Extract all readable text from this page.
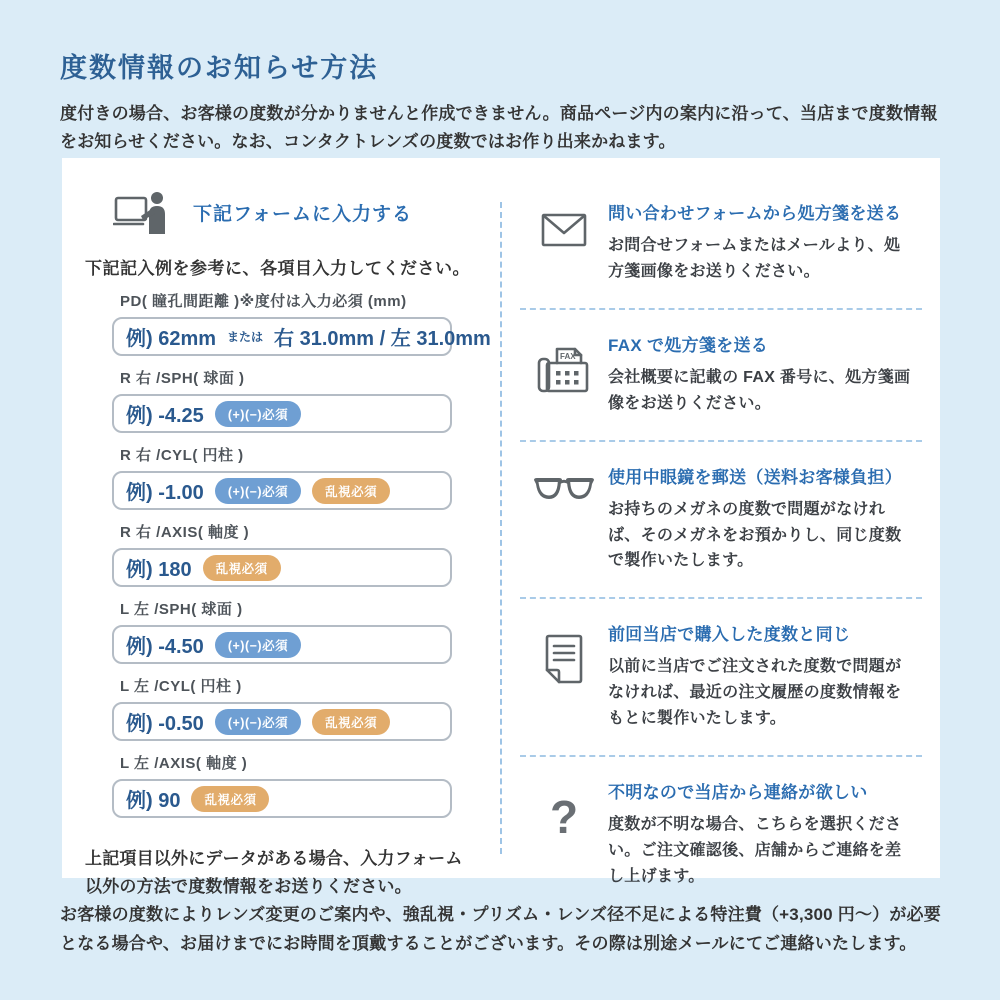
度数情報のお知らせ方法

度付きの場合、お客様の度数が分かりませんと作成できません。商品ページ内の案内に沿って、当店まで度数情報をお知らせください。なお、コンタクトレンズの度数ではお作り出来かねます。

下記フォームに入力する

下記記入例を参考に、各項目入力してください。

PD( 瞳孔間距離 )※度付は入力必須 (mm)
例) 62mm または 右 31.0mm / 左 31.0mm
R 右 /SPH( 球面 )
例) -4.25	(+)(−)必須
R 右 /CYL( 円柱 )
例) -1.00	(+)(−)必須	乱視必須
R 右 /AXIS( 軸度 )
例) 180	乱視必須
L 左 /SPH( 球面 )
例) -4.50	(+)(−)必須
L 左 /CYL( 円柱 )
例) -0.50	(+)(−)必須	乱視必須
L 左 /AXIS( 軸度 )
例) 90	乱視必須

上記項目以外にデータがある場合、入力フォーム以外の方法で度数情報をお送りください。

問い合わせフォームから処方箋を送る
お問合せフォームまたはメールより、処方箋画像をお送りください。
FAX
FAX で処方箋を送る
会社概要に記載の FAX 番号に、処方箋画像をお送りください。
使用中眼鏡を郵送（送料お客様負担）
お持ちのメガネの度数で問題がなければ、そのメガネをお預かりし、同じ度数で製作いたします。
前回当店で購入した度数と同じ
以前に当店でご注文された度数で問題がなければ、最近の注文履歴の度数情報をもとに製作いたします。
? 不明なので当店から連絡が欲しい
度数が不明な場合、こちらを選択ください。ご注文確認後、店舗からご連絡を差し上げます。

お客様の度数によりレンズ変更のご案内や、強乱視・プリズム・レンズ径不足による特注費（+3,300 円〜）が必要となる場合や、お届けまでにお時間を頂戴することがございます。その際は別途メールにてご連絡いたします。
